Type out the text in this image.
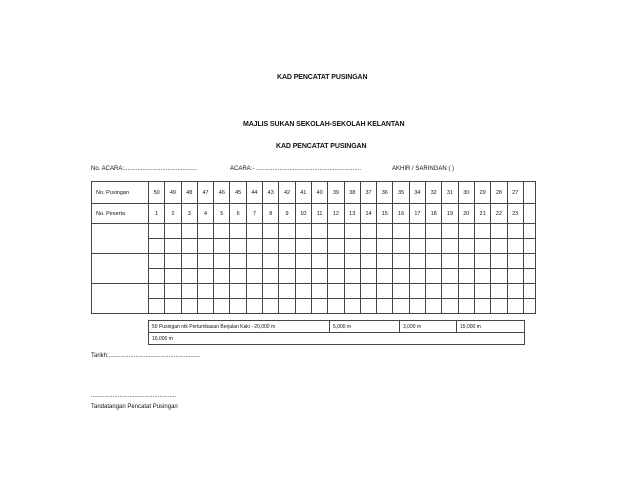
KAD PENCATAT PUSINGAN
MAJLIS SUKAN SEKOLAH-SEKOLAH KELANTAN
KAD PENCATAT PUSINGAN
No. ACARA:............................................	ACARA:- ...............................................................	AKHIR / SARINGAN ( )
No. Pusingan	50	49	48	47	46	45	44	43	42	41	40	39	38	37	36	35	34	32	31	30	29	28	27	
No. Peserta	1	2	3	4	5	6	7	8	9	10	11	12	13	14	15	16	17	18	19	20	21	22	23	

50 Pusingan ntk Pertumbasan Berjalan Kaki - 20,000 m	5,000 m	3,000 m	15,000 m
10,000 m
Tarikh:.......................................................
...................................................
Tandatangan Pencatat Pusingan
